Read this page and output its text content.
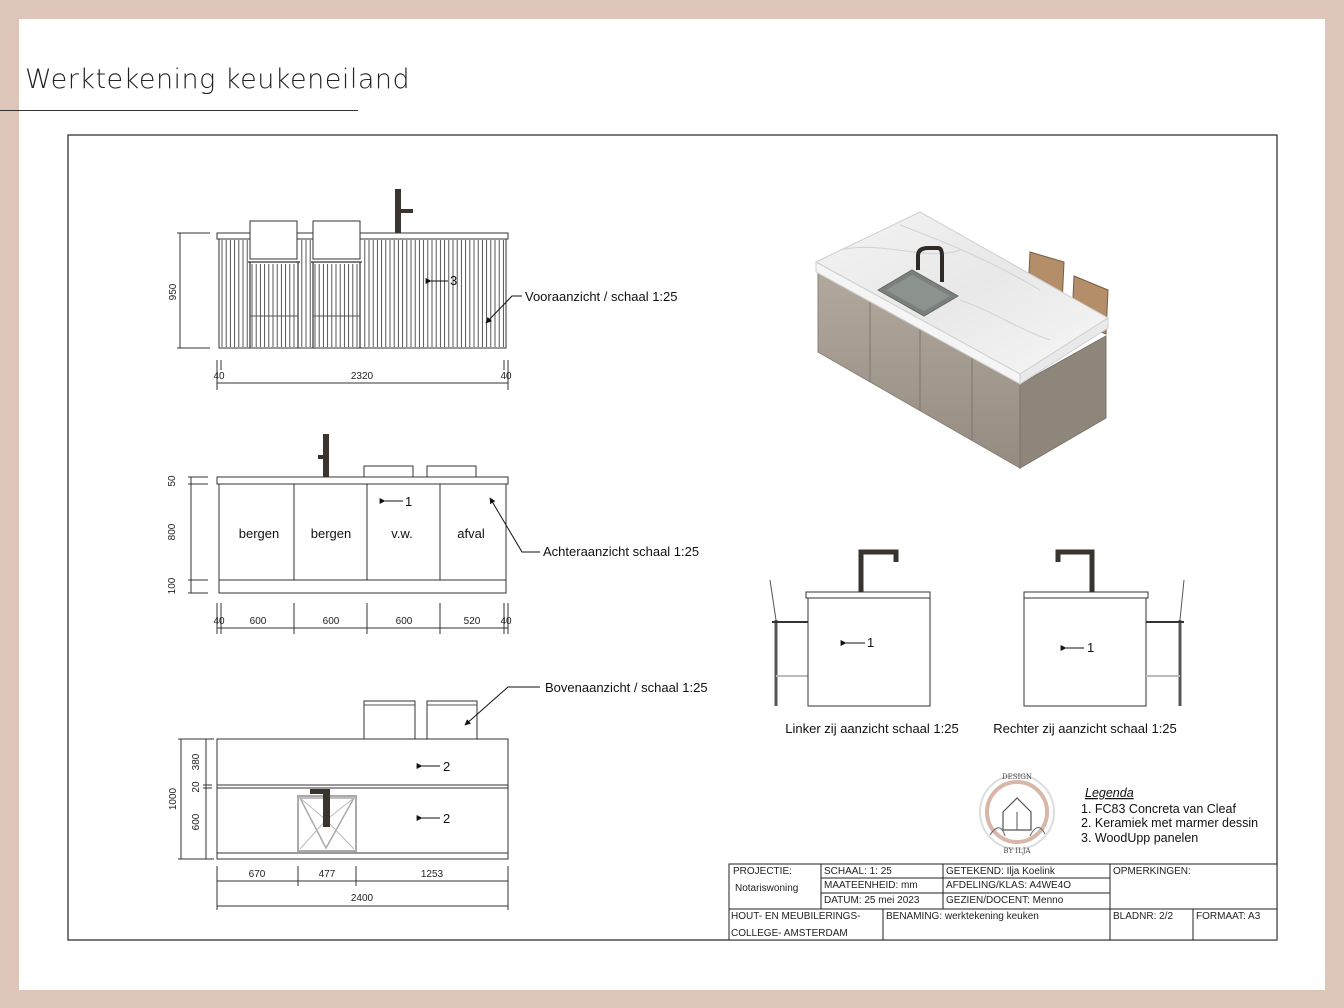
Werktekening keukeneiland
3
Vooraanzicht / schaal 1:25
950
40	2320	40
bergen bergen	v.w.	afval
1
Achteraanzicht schaal 1:25
50
800
100
40	600	600	600	520 40
2
2
Bovenaanzicht / schaal 1:25
1000
380
20
600
670	477	1253
2400
1
Linker zij aanzicht schaal 1:25
1
Rechter zij aanzicht schaal 1:25
DESIGN
BY ILJA
Legenda
1. FC83 Concreta van Cleaf
2. Keramiek met marmer dessin
3. WoodUpp panelen
PROJECTIE:
Notariswoning
SCHAAL: 1: 25
MAATEENHEID: mm
DATUM: 25 mei 2023
GETEKEND: Ilja Koelink
AFDELING/KLAS: A4WE4O
GEZIEN/DOCENT: Menno
OPMERKINGEN:
HOUT- EN MEUBILERINGS-
COLLEGE- AMSTERDAM
BENAMING: werktekening keuken	BLADNR: 2/2 FORMAAT: A3
